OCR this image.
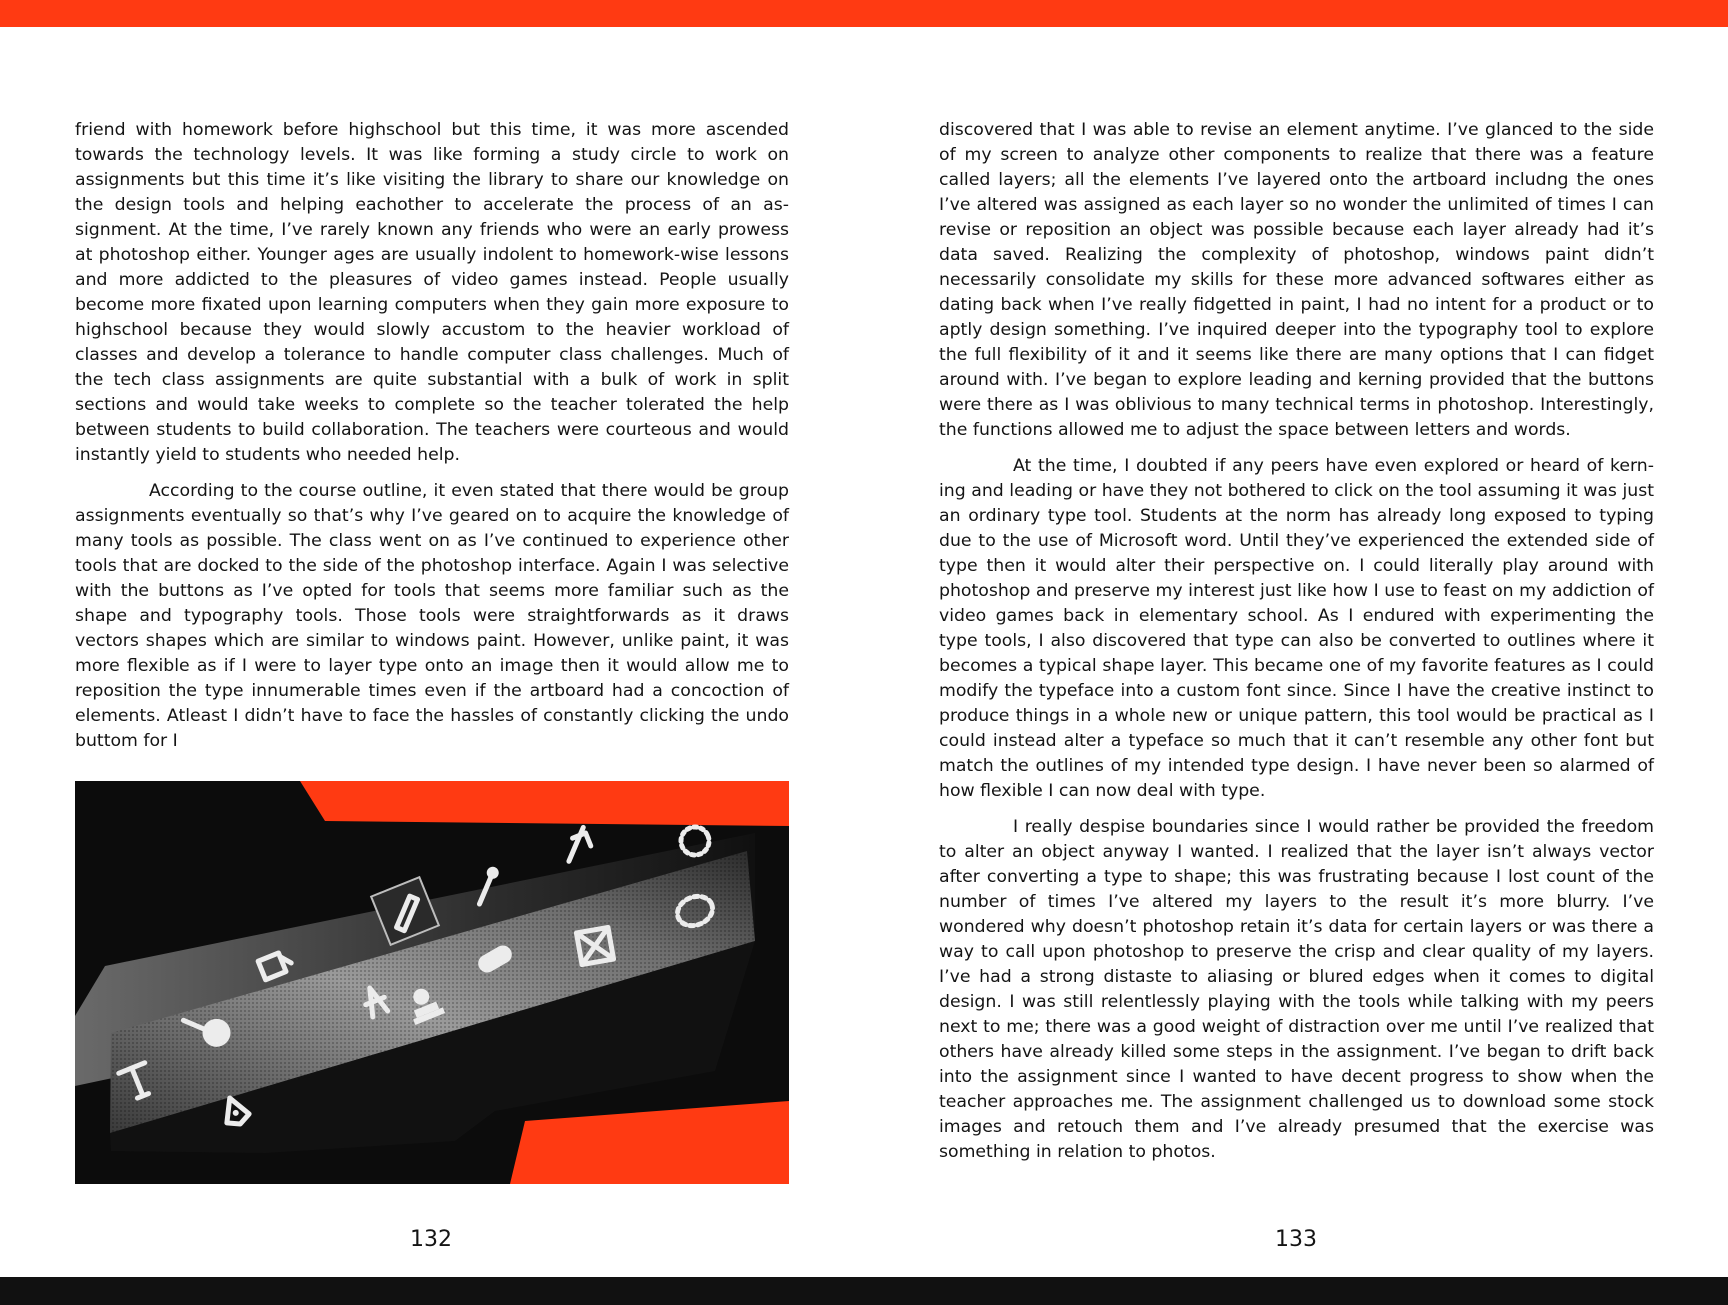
friend with homework before highschool but this time, it was more ascended towards the technology levels. It was like forming a study circle to work on assignments but this time it’s like visiting the library to share our knowledge on the design tools and helping eachother to accelerate the process of an assignment. At the time, I’ve rarely known any friends who were an early prowess at photoshop either. Younger ages are usually indolent to homework-wise lessons and more addicted to the pleasures of video games instead. People usually become more fixated upon learning computers when they gain more exposure to highschool because they would slowly accustom to the heavier workload of classes and develop a tolerance to handle computer class challenges. Much of the tech class assignments are quite substantial with a bulk of work in split sections and would take weeks to complete so the teacher tolerated the help between students to build collaboration. The teachers were courteous and would instantly yield to students who needed help.

According to the course outline, it even stated that there would be group assignments eventually so that’s why I’ve geared on to acquire the knowledge of many tools as possible. The class went on as I’ve continued to experience other tools that are docked to the side of the photoshop interface. Again I was selective with the buttons as I’ve opted for tools that seems more familiar such as the shape and typography tools. Those tools were straightforwards as it draws vectors shapes which are similar to windows paint. However, unlike paint, it was more flexible as if I were to layer type onto an image then it would allow me to reposition the type innumerable times even if the artboard had a concoction of elements. Atleast I didn’t have to face the hassles of constantly clicking the undo buttom for I

132

discovered that I was able to revise an element anytime. I’ve glanced to the side of my screen to analyze other components to realize that there was a feature called layers; all the elements I’ve layered onto the artboard includng the ones I’ve altered was assigned as each layer so no wonder the unlimited of times I can revise or reposition an object was possible because each layer already had it’s data saved. Realizing the complexity of photoshop, windows paint didn’t necessarily consolidate my skills for these more advanced softwares either as dating back when I’ve really fidgetted in paint, I had no intent for a product or to aptly design something. I’ve inquired deeper into the typography tool to explore the full flexibility of it and it seems like there are many options that I can fidget around with. I’ve began to explore leading and kerning provided that the buttons were there as I was oblivious to many technical terms in photoshop. Interestingly, the functions allowed me to adjust the space between letters and words.

At the time, I doubted if any peers have even explored or heard of kerning and leading or have they not bothered to click on the tool assuming it was just an ordinary type tool. Students at the norm has already long exposed to typing due to the use of Microsoft word. Until they’ve experienced the extended side of type then it would alter their perspective on. I could literally play around with photoshop and preserve my interest just like how I use to feast on my addiction of video games back in elementary school. As I endured with experimenting the type tools, I also discovered that type can also be converted to outlines where it becomes a typical shape layer. This became one of my favorite features as I could modify the typeface into a custom font since. Since I have the creative instinct to produce things in a whole new or unique pattern, this tool would be practical as I could instead alter a typeface so much that it can’t resemble any other font but match the outlines of my intended type design. I have never been so alarmed of how flexible I can now deal with type.

I really despise boundaries since I would rather be provided the freedom to alter an object anyway I wanted. I realized that the layer isn’t always vector after converting a type to shape; this was frustrating because I lost count of the number of times I’ve altered my layers to the result it’s more blurry. I’ve wondered why doesn’t photoshop retain it’s data for certain layers or was there a way to call upon photoshop to preserve the crisp and clear quality of my layers. I’ve had a strong distaste to aliasing or blured edges when it comes to digital design. I was still relentlessly playing with the tools while talking with my peers next to me; there was a good weight of distraction over me until I’ve realized that others have already killed some steps in the assignment. I’ve began to drift back into the assignment since I wanted to have decent progress to show when the teacher approaches me. The assignment challenged us to download some stock images and retouch them and I’ve already presumed that the exercise was something in relation to photos.

133
